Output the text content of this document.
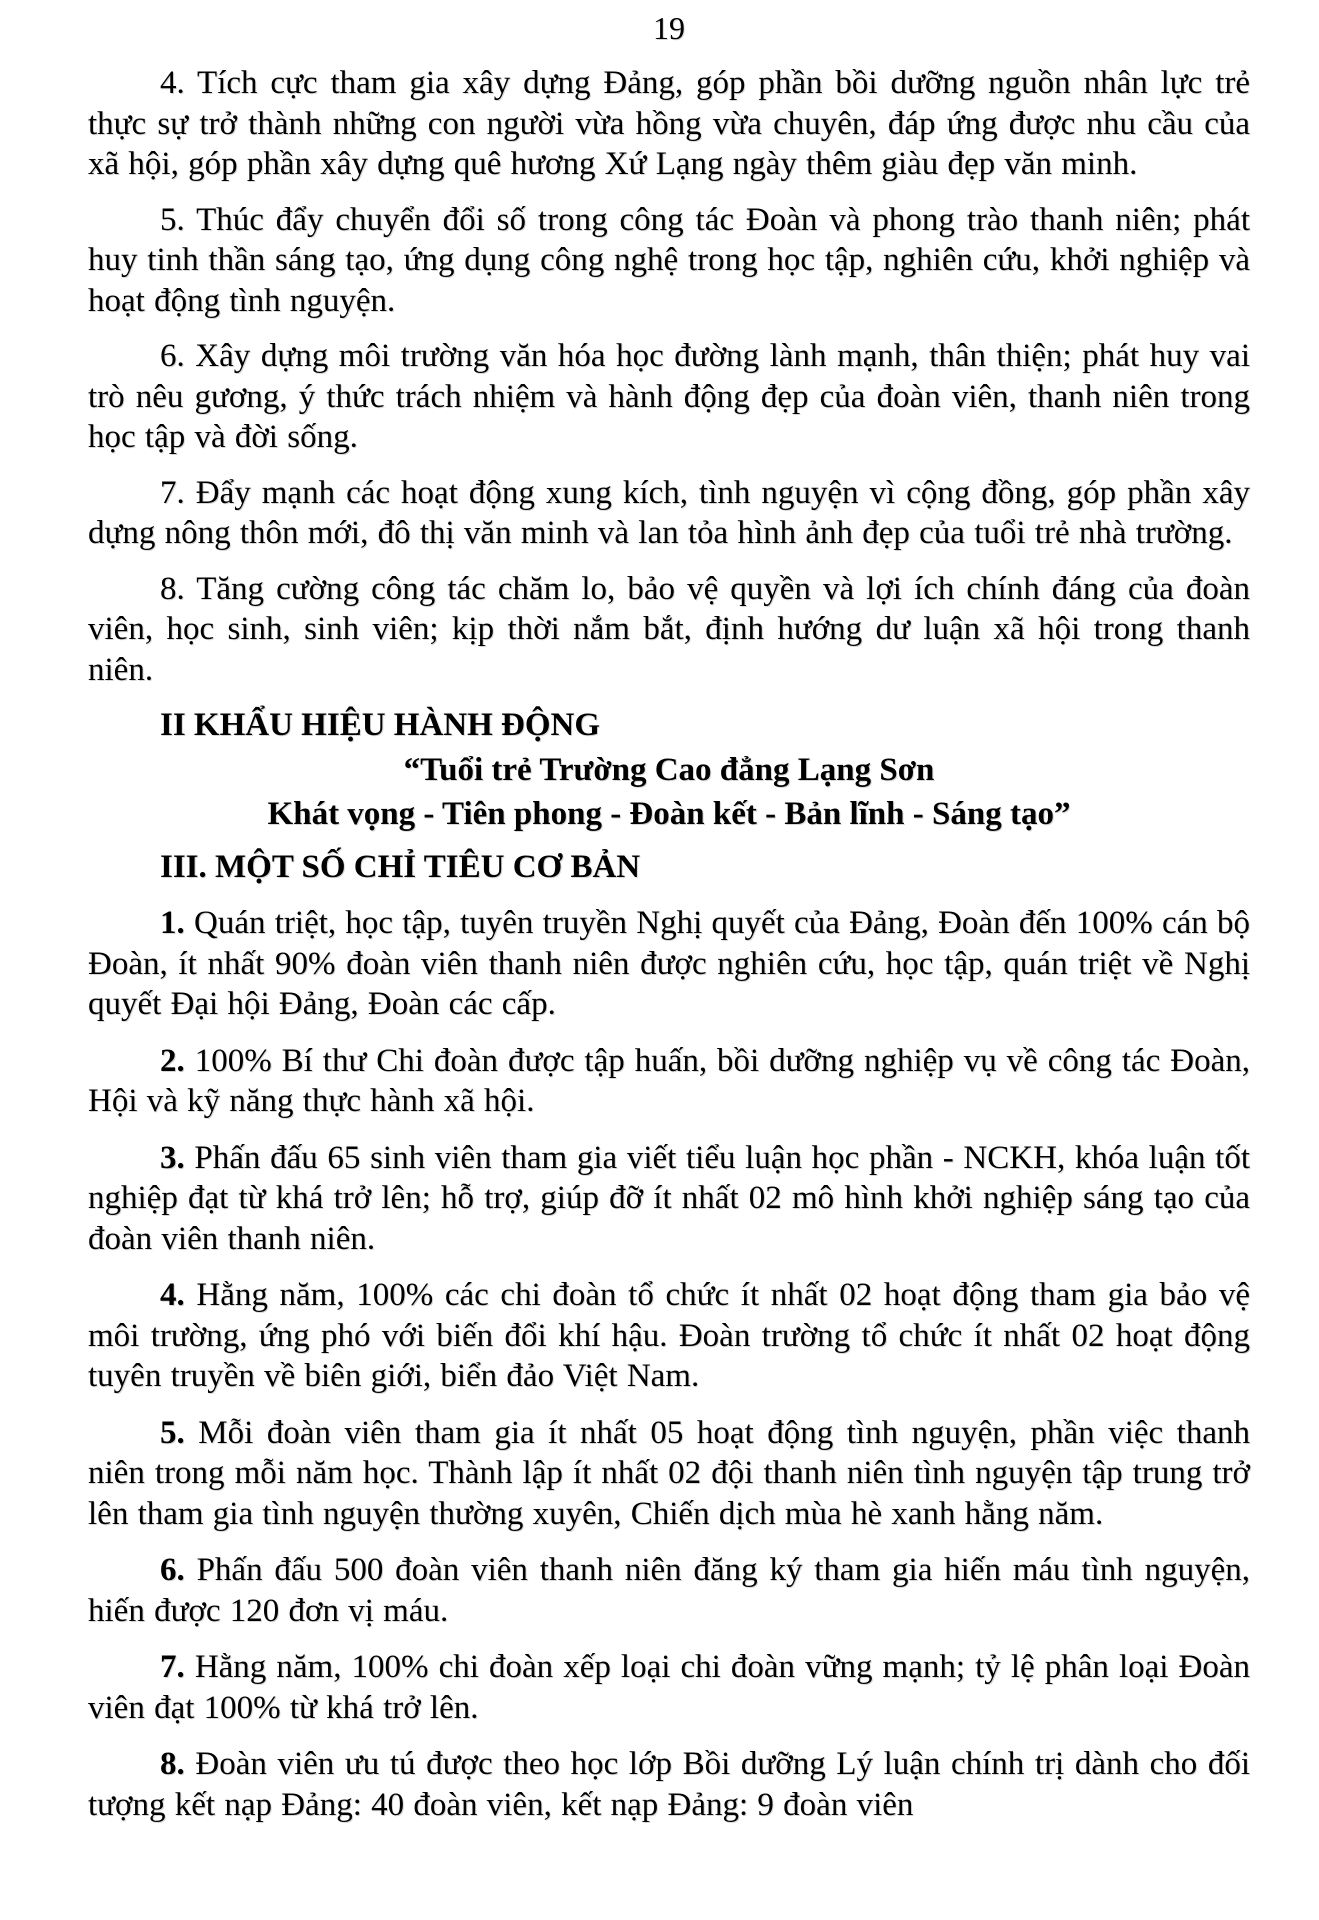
19

4. Tích cực tham gia xây dựng Đảng, góp phần bồi dưỡng nguồn nhân lực trẻ thực sự trở thành những con người vừa hồng vừa chuyên, đáp ứng được nhu cầu của xã hội, góp phần xây dựng quê hương Xứ Lạng ngày thêm giàu đẹp văn minh.

5. Thúc đẩy chuyển đổi số trong công tác Đoàn và phong trào thanh niên; phát huy tinh thần sáng tạo, ứng dụng công nghệ trong học tập, nghiên cứu, khởi nghiệp và hoạt động tình nguyện.

6. Xây dựng môi trường văn hóa học đường lành mạnh, thân thiện; phát huy vai trò nêu gương, ý thức trách nhiệm và hành động đẹp của đoàn viên, thanh niên trong học tập và đời sống.

7. Đẩy mạnh các hoạt động xung kích, tình nguyện vì cộng đồng, góp phần xây dựng nông thôn mới, đô thị văn minh và lan tỏa hình ảnh đẹp của tuổi trẻ nhà trường.

8. Tăng cường công tác chăm lo, bảo vệ quyền và lợi ích chính đáng của đoàn viên, học sinh, sinh viên; kịp thời nắm bắt, định hướng dư luận xã hội trong thanh niên.

II KHẨU HIỆU HÀNH ĐỘNG

“Tuổi trẻ Trường Cao đẳng Lạng Sơn

Khát vọng - Tiên phong - Đoàn kết - Bản lĩnh - Sáng tạo”

III. MỘT SỐ CHỈ TIÊU CƠ BẢN

1. Quán triệt, học tập, tuyên truyền Nghị quyết của Đảng, Đoàn đến 100% cán bộ Đoàn, ít nhất 90% đoàn viên thanh niên được nghiên cứu, học tập, quán triệt về Nghị quyết Đại hội Đảng, Đoàn các cấp.

2. 100% Bí thư Chi đoàn được tập huấn, bồi dưỡng nghiệp vụ về công tác Đoàn, Hội và kỹ năng thực hành xã hội.

3. Phấn đấu 65 sinh viên tham gia viết tiểu luận học phần - NCKH, khóa luận tốt nghiệp đạt từ khá trở lên; hỗ trợ, giúp đỡ ít nhất 02 mô hình khởi nghiệp sáng tạo của đoàn viên thanh niên.

4. Hằng năm, 100% các chi đoàn tổ chức ít nhất 02 hoạt động tham gia bảo vệ môi trường, ứng phó với biến đổi khí hậu. Đoàn trường tổ chức ít nhất 02 hoạt động tuyên truyền về biên giới, biển đảo Việt Nam.

5. Mỗi đoàn viên tham gia ít nhất 05 hoạt động tình nguyện, phần việc thanh niên trong mỗi năm học. Thành lập ít nhất 02 đội thanh niên tình nguyện tập trung trở lên tham gia tình nguyện thường xuyên, Chiến dịch mùa hè xanh hằng năm.

6. Phấn đấu 500 đoàn viên thanh niên đăng ký tham gia hiến máu tình nguyện, hiến được 120 đơn vị máu.

7. Hằng năm, 100% chi đoàn xếp loại chi đoàn vững mạnh; tỷ lệ phân loại Đoàn viên đạt 100% từ khá trở lên.

8. Đoàn viên ưu tú được theo học lớp Bồi dưỡng Lý luận chính trị dành cho đối tượng kết nạp Đảng: 40 đoàn viên, kết nạp Đảng: 9 đoàn viên
